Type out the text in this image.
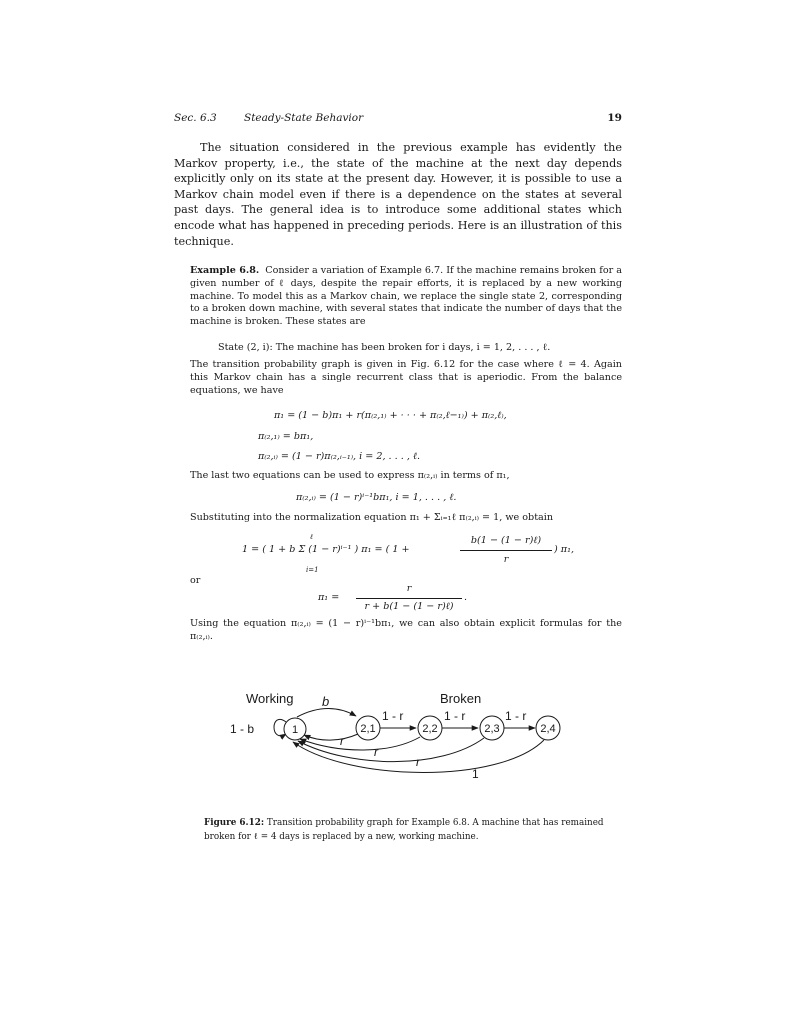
Sec. 6.3	Steady-State Behavior	19
The situation considered in the previous example has evidently the Markov property, i.e., the state of the machine at the next day depends explicitly only on its state at the present day. However, it is possible to use a Markov chain model even if there is a dependence on the states at several past days. The general idea is to introduce some additional states which encode what has happened in preceding periods. Here is an illustration of this technique.
Example 6.8. Consider a variation of Example 6.7. If the machine remains broken for a given number of ℓ days, despite the repair efforts, it is replaced by a new working machine. To model this as a Markov chain, we replace the single state 2, corresponding to a broken down machine, with several states that indicate the number of days that the machine is broken. These states are
State (2, i): The machine has been broken for i days, i = 1, 2, . . . , ℓ.
The transition probability graph is given in Fig. 6.12 for the case where ℓ = 4. Again this Markov chain has a single recurrent class that is aperiodic. From the balance equations, we have
π₁ = (1 − b)π₁ + r(π₍₂,₁₎ + · · · + π₍₂,ℓ−₁₎) + π₍₂,ℓ₎,
π₍₂,₁₎ = bπ₁,
π₍₂,ᵢ₎ = (1 − r)π₍₂,ᵢ₋₁₎, i = 2, . . . , ℓ.
The last two equations can be used to express π₍₂,ᵢ₎ in terms of π₁,
π₍₂,ᵢ₎ = (1 − r)ⁱ⁻¹bπ₁, i = 1, . . . , ℓ.
Substituting into the normalization equation π₁ + Σᵢ₌₁ℓ π₍₂,ᵢ₎ = 1, we obtain
1 = ( 1 + b Σ (1 − r)ⁱ⁻¹ ) π₁ = ( 1 +
ℓ
i=1
b(1 − (1 − r)ℓ)
r
) π₁,
or
π₁ =
r
r + b(1 − (1 − r)ℓ)
.
Using the equation π₍₂,ᵢ₎ = (1 − r)ⁱ⁻¹bπ₁, we can also obtain explicit formulas for the π₍₂,ᵢ₎.
Working	Broken
1 - b
b
1 - r	1 - r	1 - r
r
r
r
1
1	2,1	2,2	2,3	2,4
Figure 6.12: Transition probability graph for Example 6.8. A machine that has remained broken for ℓ = 4 days is replaced by a new, working machine.
